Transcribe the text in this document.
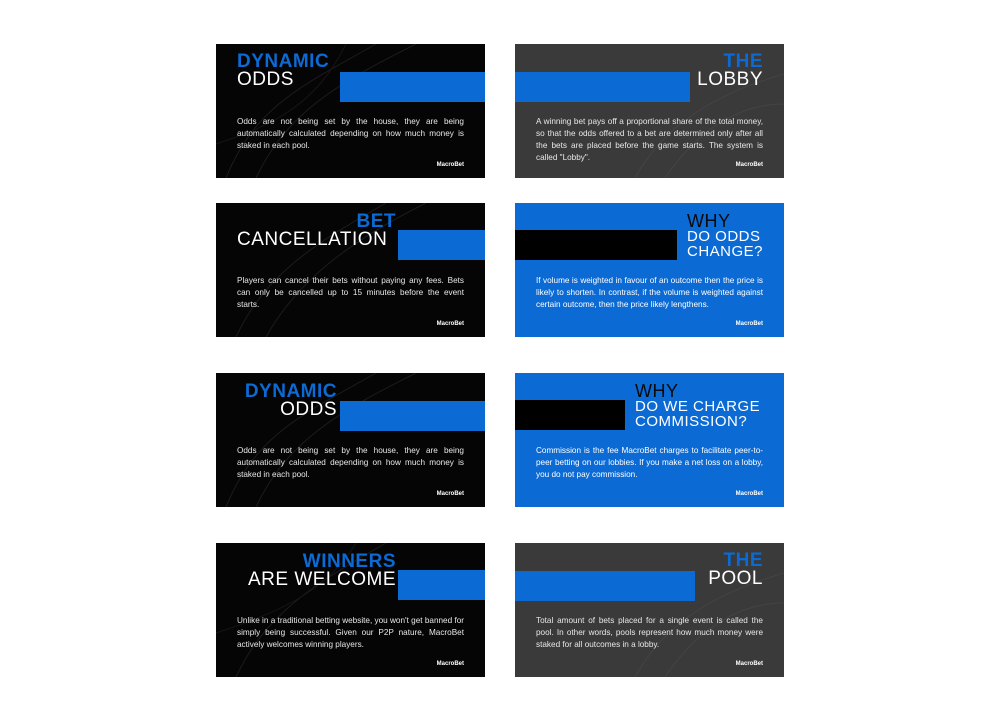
DYNAMIC
ODDS
Odds are not being set by the house, they are being automatically calculated depending on how much money is staked in each pool.
MacroBet
THE
LOBBY
A winning bet pays off a proportional share of the total money, so that the odds offered to a bet are determined only after all the bets are placed before the game starts. The system is called "Lobby".
MacroBet
BET
CANCELLATION
Players can cancel their bets without paying any fees. Bets can only be cancelled up to 15 minutes before the event starts.
MacroBet
WHY
DO ODDS
CHANGE?
If volume is weighted in favour of an outcome then the price is likely to shorten. In contrast, if the volume is weighted against certain outcome, then the price likely lengthens.
MacroBet
DYNAMIC
ODDS
Odds are not being set by the house, they are being automatically calculated depending on how much money is staked in each pool.
MacroBet
WHY
DO WE CHARGE
COMMISSION?
Commission is the fee MacroBet charges to facilitate peer-to-peer betting on our lobbies. If you make a net loss on a lobby, you do not pay commission.
MacroBet
WINNERS
ARE WELCOME
Unlike in a traditional betting website, you won't get banned for simply being successful. Given our P2P nature, MacroBet actively welcomes winning players.
MacroBet
THE
POOL
Total amount of bets placed for a single event is called the pool. In other words, pools represent how much money were staked for all outcomes in a lobby.
MacroBet
